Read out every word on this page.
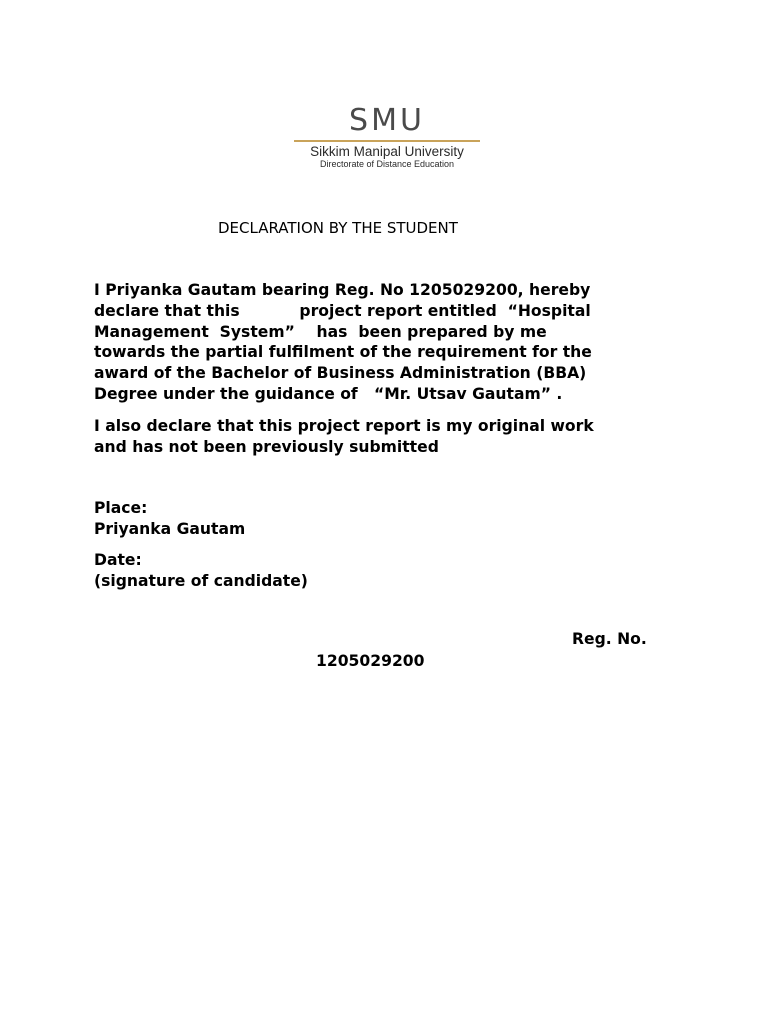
SMU
Sikkim Manipal University
Directorate of Distance Education
DECLARATION BY THE STUDENT
I Priyanka Gautam bearing Reg. No 1205029200, hereby
declare that this           project report entitled  “Hospital
Management  System”    has  been prepared by me
towards the partial fulfilment of the requirement for the
award of the Bachelor of Business Administration (BBA)
Degree under the guidance of   “Mr. Utsav Gautam” .
I also declare that this project report is my original work
and has not been previously submitted
Place:
Priyanka Gautam
Date:
(signature of candidate)
Reg. No.
1205029200
